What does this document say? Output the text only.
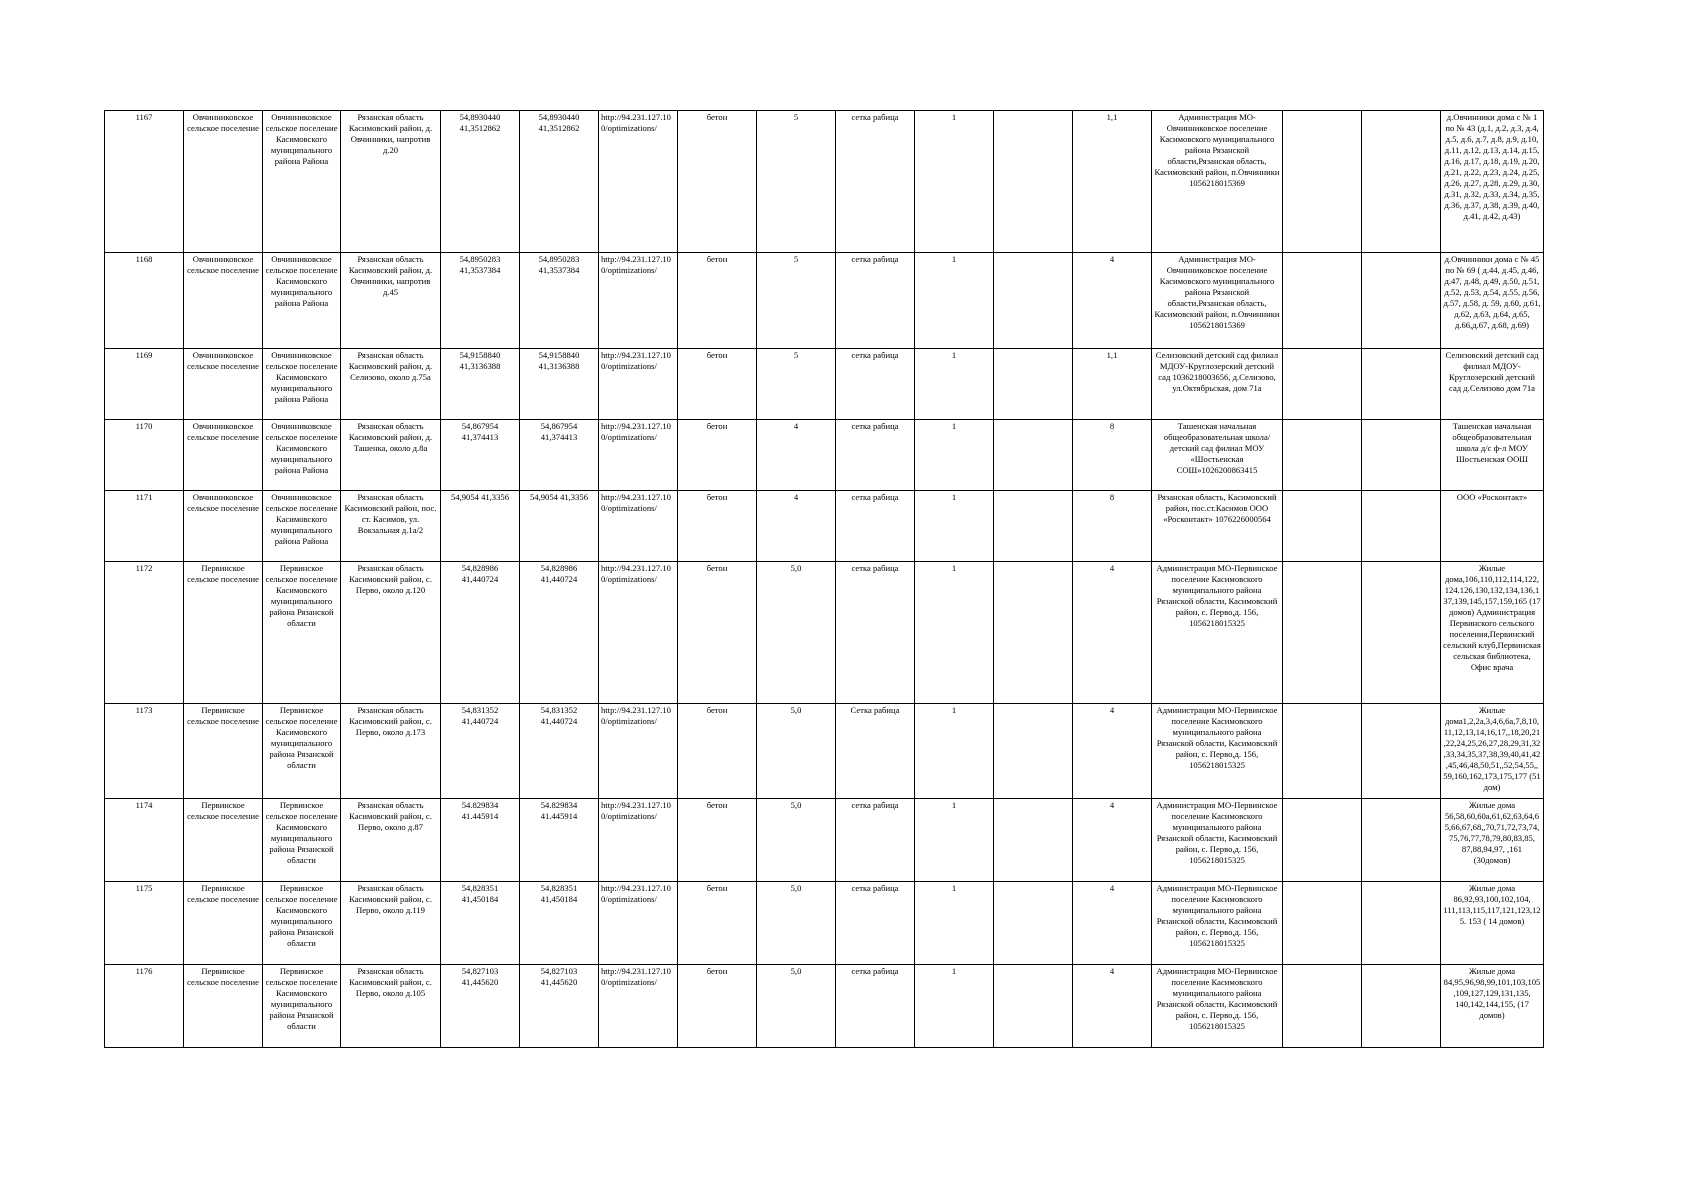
1167	Овчинниковское сельское поселение	Овчинниковское сельское поселение Касимовского муниципального района Района	Рязанская область Касимовский район, д. Овчинники, напротив д.20	54,8930440 41,3512862	54,8930440 41,3512862	http://94.231.127.100/optimizations/	бетон	5	сетка рабица	1		1,1	Администрация МО-Овчинниковское поселение Касимовского муниципального района Рязанской области,Рязанская область, Касимовский район, п.Овчинники 1056218015369			д.Овчинники дома с № 1 по № 43 (д.1, д.2, д.3, д.4, д.5, д.6, д.7, д.8, д.9, д.10, д.11, д.12, д.13, д.14, д.15, д.16, д.17, д.18, д.19, д.20, д.21, д.22, д.23, д.24, д.25, д.26, д.27, д.28, д.29, д.30, д.31, д.32, д.33, д.34, д.35, д.36, д.37, д.38, д.39, д.40, д.41, д.42, д.43)
1168	Овчинниковское сельское поселение	Овчинниковское сельское поселение Касимовского муниципального района Района	Рязанская область Касимовский район, д. Овчинники, напротив д.45	54,8950283 41,3537384	54,8950283 41,3537384	http://94.231.127.100/optimizations/	бетон	5	сетка рабица	1		4	Администрация МО-Овчинниковское поселение Касимовского муниципального района Рязанской области,Рязанская область, Касимовский район, п.Овчинники 1056218015369			д.Овчинники дома с № 45 по № 69 ( д.44, д.45, д.46, д.47, д.48, д.49, д.50, д.51, д.52, д.53, д.54, д.55, д.56, д.57, д.58, д. 59, д.60, д.61, д.62, д.63, д.64, д.65, д.66,д.67, д.68, д.69)
1169	Овчинниковское сельское поселение	Овчинниковское сельское поселение Касимовского муниципального района Района	Рязанская область Касимовский район, д. Селизово, около д.75а	54,9158840 41,3136388	54,9158840 41,3136388	http://94.231.127.100/optimizations/	бетон	5	сетка рабица	1		1,1	Селизовский детский сад филиал МДОУ-Круглозерский детский сад 1036218003656, д.Селизово, ул.Октябрьская, дом 71а			Селизовский детский сад филиал МДОУ-Круглозерский детский сад д.Селизово дом 71а
1170	Овчинниковское сельское поселение	Овчинниковское сельское поселение Касимовского муниципального района Района	Рязанская область Касимовский район, д. Ташенка, около д.8а	54,867954 41,374413	54,867954 41,374413	http://94.231.127.100/optimizations/	бетон	4	сетка рабица	1		8	Ташенская начальная общеобразовательная школа/детский сад филиал МОУ «Шостьенская СОШ»1026200863415			Ташенская начальная общеобразовательная школа д/с ф-л МОУ Шостьенская ООШ
1171	Овчинниковское сельское поселение	Овчинниковское сельское поселение Касимовского муниципального района Района	Рязанская область Касимовский район, пос. ст. Касимов, ул. Вокзальная д.1а/2	54,9054 41,3356	54,9054 41,3356	http://94.231.127.100/optimizations/	бетон	4	сетка рабица	1		8	Рязанская область, Касимовский район, пос.ст.Касимов ООО «Росконтакт» 1076226000564			ООО «Росконтакт»
1172	Первинское сельское поселение	Первинское сельское поселение Касимовского муниципального района Рязанской области	Рязанская область Касимовский район, с. Перво, около д.120	54,828986 41,440724	54,828986 41,440724	http://94.231.127.100/optimizations/	бетон	5,0	сетка рабица	1		4	Администрация МО-Первинское поселение Касимовского муниципального района Рязанской области, Касимовский район, с. Перво,д. 156, 1056218015325			Жилые дома,106,110,112,114,122, 124.126,130,132,134,136,137,139,145,157,159,165 (17 домов) Администрация Первинского сельского поселения,Первинский сельский клуб,Первинская сельская библиотека, Офис врача
1173	Первинское сельское поселение	Первинское сельское поселение Касимовского муниципального района Рязанской области	Рязанская область Касимовский район, с. Перво, около д.173	54,831352 41,440724	54,831352 41,440724	http://94.231.127.100/optimizations/	бетон	5,0	Сетка рабица	1		4	Администрация МО-Первинское поселение Касимовского муниципального района Рязанской области, Касимовский район, с. Перво,д. 156, 1056218015325			Жилые дома1,2,2а,3,4,6,6а,7,8,10, 11,12,13,14,16,17,,18,20,21 ,22,24,25,26,27,28,29,31,32 ,33,34,35,37,38,39,40,41,42 ,45,46,48,50,51,,52,54,55,, 59,160,162,173,175,177 (51 дом)
1174	Первинское сельское поселение	Первинское сельское поселение Касимовского муниципального района Рязанской области	Рязанская область Касимовский район, с. Перво, около д.87	54.829834 41.445914	54.829834 41.445914	http://94.231.127.100/optimizations/	бетон	5,0	сетка рабица	1		4	Администрация МО-Первинское поселение Касимовского муниципального района Рязанской области, Касимовский район, с. Перво,д. 156, 1056218015325			Жилые дома 56,58,60,60а,61,62,63,64,65,66,67,68,,70,71,72,73,74, 75,76,77,78,79,80,83,85, 87,88,94,97, ,161 (30домов)
1175	Первинское сельское поселение	Первинское сельское поселение Касимовского муниципального района Рязанской области	Рязанская область Касимовский район, с. Перво, около д.119	54,828351 41,450184	54,828351 41,450184	http://94.231.127.100/optimizations/	бетон	5,0	сетка рабица	1		4	Администрация МО-Первинское поселение Касимовского муниципального района Рязанской области, Касимовский район, с. Перво,д. 156, 1056218015325			Жилые дома 86,92,93,100,102,104, 111,113,115,117,121,123,125. 153 ( 14 домов)
1176	Первинское сельское поселение	Первинское сельское поселение Касимовского муниципального района Рязанской области	Рязанская область Касимовский район, с. Перво, около д.105	54,827103 41,445620	54,827103 41,445620	http://94.231.127.100/optimizations/	бетон	5,0	сетка рабица	1		4	Администрация МО-Первинское поселение Касимовского муниципального района Рязанской области, Касимовский район, с. Перво,д. 156, 1056218015325			Жилые дома 84,95,96,98,99,101,103,105,109,127,129,131,135, 140,142,144,155, (17 домов)
